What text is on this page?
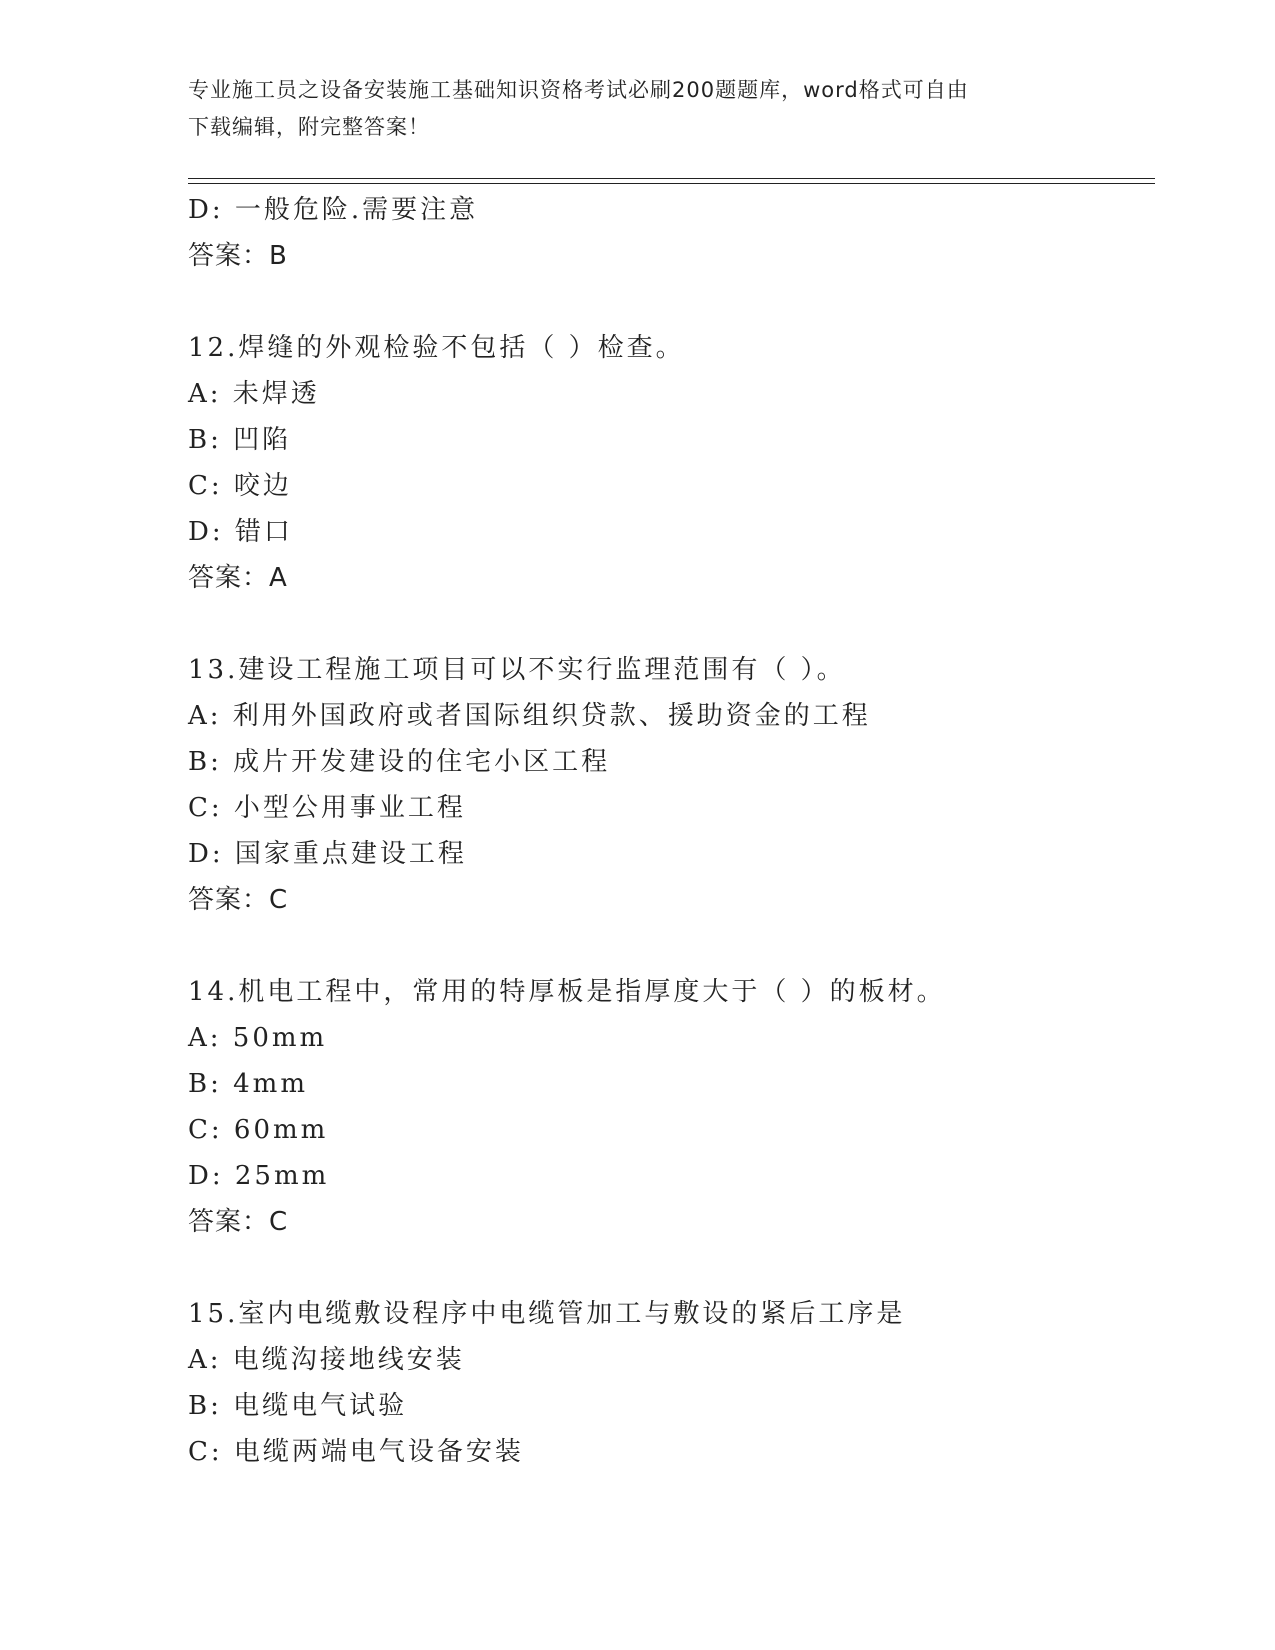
专业施工员之设备安装施工基础知识资格考试必刷200题题库，word格式可自由
下载编辑，附完整答案！
D: 一般危险.需要注意
答案：B
12.焊缝的外观检验不包括（ ）检查。
A: 未焊透
B: 凹陷
C: 咬边
D: 错口
答案：A
13.建设工程施工项目可以不实行监理范围有（ ）。
A: 利用外国政府或者国际组织贷款、援助资金的工程
B: 成片开发建设的住宅小区工程
C: 小型公用事业工程
D: 国家重点建设工程
答案：C
14.机电工程中，常用的特厚板是指厚度大于（ ）的板材。
A: 50mm
B: 4mm
C: 60mm
D: 25mm
答案：C
15.室内电缆敷设程序中电缆管加工与敷设的紧后工序是
A: 电缆沟接地线安装
B: 电缆电气试验
C: 电缆两端电气设备安装
